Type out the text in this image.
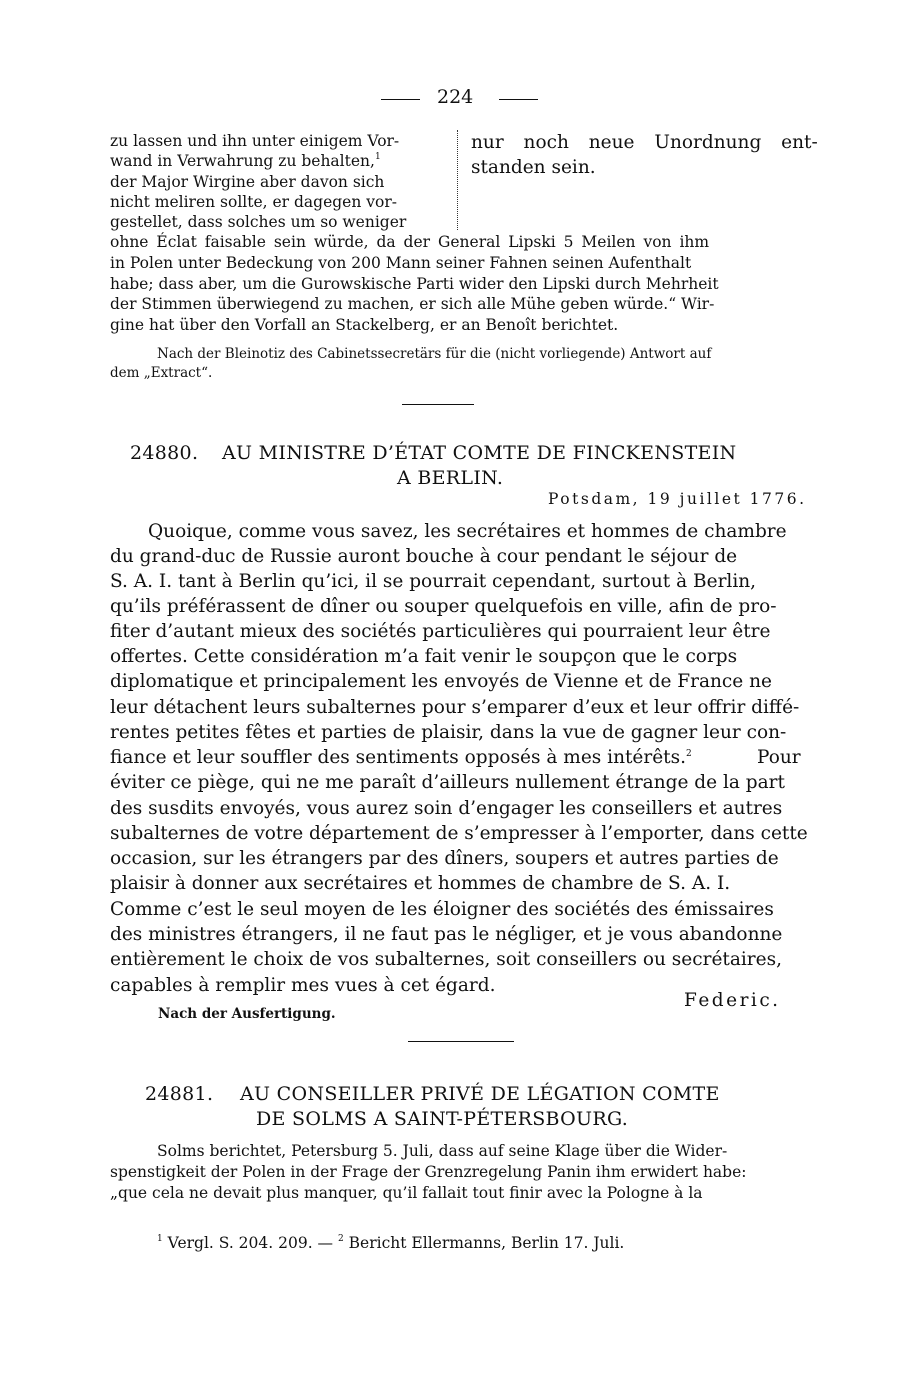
224
zu lassen und ihn unter einigem Vor-
wand in Verwahrung zu behalten,$^1$
der Major Wirgine aber davon sich
nicht meliren sollte, er dagegen vor-
gestellet, dass solches um so weniger
nur noch neue Unordnung ent-
standen sein.
ohne Éclat faisable sein würde, da der General Lipski 5 Meilen von ihm
in Polen unter Bedeckung von 200 Mann seiner Fahnen seinen Aufenthalt
habe; dass aber, um die Gurowskische Parti wider den Lipski durch Mehrheit
der Stimmen überwiegend zu machen, er sich alle Mühe geben würde.“ Wir-
gine hat über den Vorfall an Stackelberg, er an Benoît berichtet.
Nach der Bleinotiz des Cabinetssecretärs für die (nicht vorliegende) Antwort auf
dem „Extract“.
24880. AU MINISTRE D’ÉTAT COMTE DE FINCKENSTEIN
A BERLIN.
Potsdam, 19 juillet 1776.
Quoique, comme vous savez, les secrétaires et hommes de chambre
du grand-duc de Russie auront bouche à cour pendant le séjour de
S. A. I. tant à Berlin qu’ici, il se pourrait cependant, surtout à Berlin,
qu’ils préférassent de dîner ou souper quelquefois en ville, afin de pro-
fiter d’autant mieux des sociétés particulières qui pourraient leur être
offertes. Cette considération m’a fait venir le soupçon que le corps
diplomatique et principalement les envoyés de Vienne et de France ne
leur détachent leurs subalternes pour s’emparer d’eux et leur offrir diffé-
rentes petites fêtes et parties de plaisir, dans la vue de gagner leur con-
fiance et leur souffler des sentiments opposés à mes intérêts.$^2$	Pour
éviter ce piège, qui ne me paraît d’ailleurs nullement étrange de la part
des susdits envoyés, vous aurez soin d’engager les conseillers et autres
subalternes de votre département de s’empresser à l’emporter, dans cette
occasion, sur les étrangers par des dîners, soupers et autres parties de
plaisir à donner aux secrétaires et hommes de chambre de S. A. I.
Comme c’est le seul moyen de les éloigner des sociétés des émissaires
des ministres étrangers, il ne faut pas le négliger, et je vous abandonne
entièrement le choix de vos subalternes, soit conseillers ou secrétaires,
capables à remplir mes vues à cet égard.
Federic.
Nach der Ausfertigung.
24881. AU CONSEILLER PRIVÉ DE LÉGATION COMTE
DE SOLMS A SAINT-PÉTERSBOURG.
Solms berichtet, Petersburg 5. Juli, dass auf seine Klage über die Wider-
spenstigkeit der Polen in der Frage der Grenzregelung Panin ihm erwidert habe:
„que cela ne devait plus manquer, qu’il fallait tout finir avec la Pologne à la
$^1$ Vergl. S. 204. 209. — $^2$ Bericht Ellermanns, Berlin 17. Juli.
